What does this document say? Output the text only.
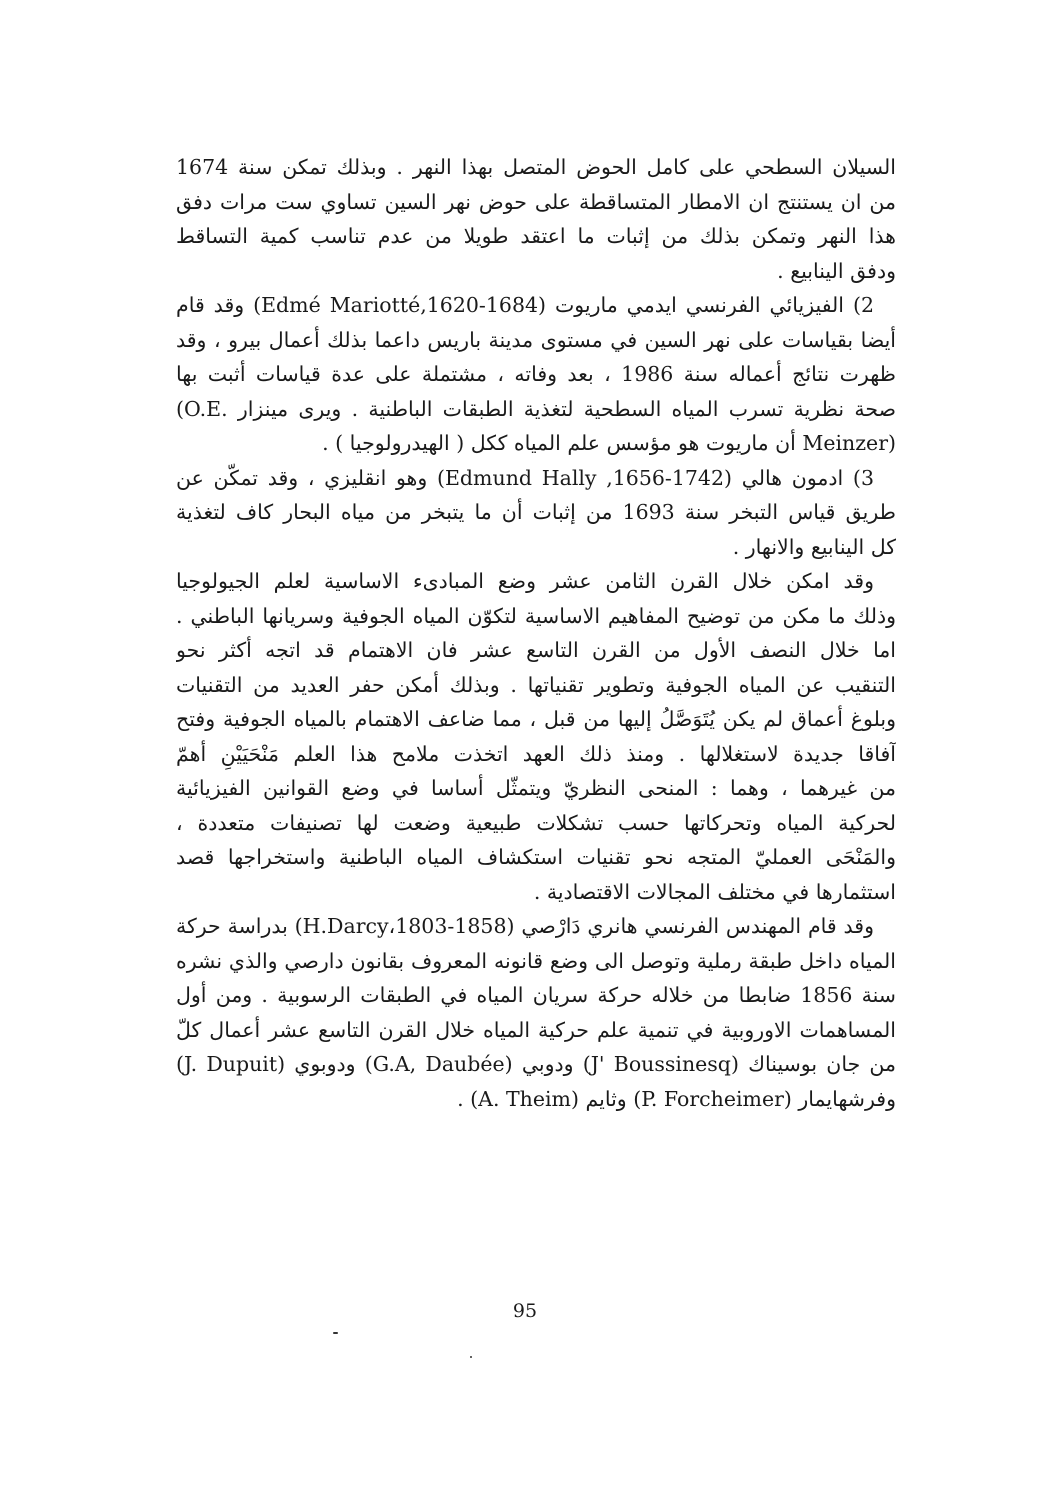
السيلان السطحي على كامل الحوض المتصل بهذا النهر . وبذلك تمكن سنة 1674
من ان يستنتج ان الامطار المتساقطة على حوض نهر السين تساوي ست مرات دفق
هذا النهر وتمكن بذلك من إثبات ما اعتقد طويلا من عدم تناسب كمية التساقط
ودفق الينابيع .
2) الفيزيائي الفرنسي ايدمي ماريوت (1684-1620,Edmé Mariotté) وقد قام
أيضا بقياسات على نهر السين في مستوى مدينة باريس داعما بذلك أعمال بيرو ، وقد
ظهرت نتائج أعماله سنة 1986 ، بعد وفاته ، مشتملة على عدة قياسات أثبت بها
صحة نظرية تسرب المياه السطحية لتغذية الطبقات الباطنية . ويرى مينزار .O.E)
(Meinzer أن ماريوت هو مؤسس علم المياه ككل ( الهيدرولوجيا ) .
3) ادمون هالي (1742-1656, Edmund Hally) وهو انقليزي ، وقد تمكّن عن
طريق قياس التبخر سنة 1693 من إثبات أن ما يتبخر من مياه البحار كاف لتغذية
كل الينابيع والانهار .
وقد امكن خلال القرن الثامن عشر وضع المبادىء الاساسية لعلم الجيولوجيا
وذلك ما مكن من توضيح المفاهيم الاساسية لتكوّن المياه الجوفية وسريانها الباطني .
اما خلال النصف الأول من القرن التاسع عشر فان الاهتمام قد اتجه أكثر نحو
التنقيب عن المياه الجوفية وتطوير تقنياتها . وبذلك أمكن حفر العديد من التقنيات
وبلوغ أعماق لم يكن يُتَوَصَّلُ إليها من قبل ، مما ضاعف الاهتمام بالمياه الجوفية وفتح
آفاقا جديدة لاستغلالها . ومنذ ذلك العهد اتخذت ملامح هذا العلم مَنْحَيَيْنِ أهمّ
من غيرهما ، وهما : المنحى النظريّ ويتمثّل أساسا في وضع القوانين الفيزيائية
لحركية المياه وتحركاتها حسب تشكلات طبيعية وضعت لها تصنيفات متعددة ،
والمَنْحَى العمليّ المتجه نحو تقنيات استكشاف المياه الباطنية واستخراجها قصد
استثمارها في مختلف المجالات الاقتصادية .
وقد قام المهندس الفرنسي هانري دَارْصي (1858-1803،H.Darcy) بدراسة حركة
المياه داخل طبقة رملية وتوصل الى وضع قانونه المعروف بقانون دارصي والذي نشره
سنة 1856 ضابطا من خلاله حركة سريان المياه في الطبقات الرسوبية . ومن أول
المساهمات الاوروبية في تنمية علم حركية المياه خلال القرن التاسع عشر أعمال كلّ
من جان بوسيناك (J' Boussinesq) ودوبي (G.A, Daubée) ودوبوي (J. Dupuit)
وفرشهايمار (P. Forcheimer) وثايم (A. Theim) .
95
